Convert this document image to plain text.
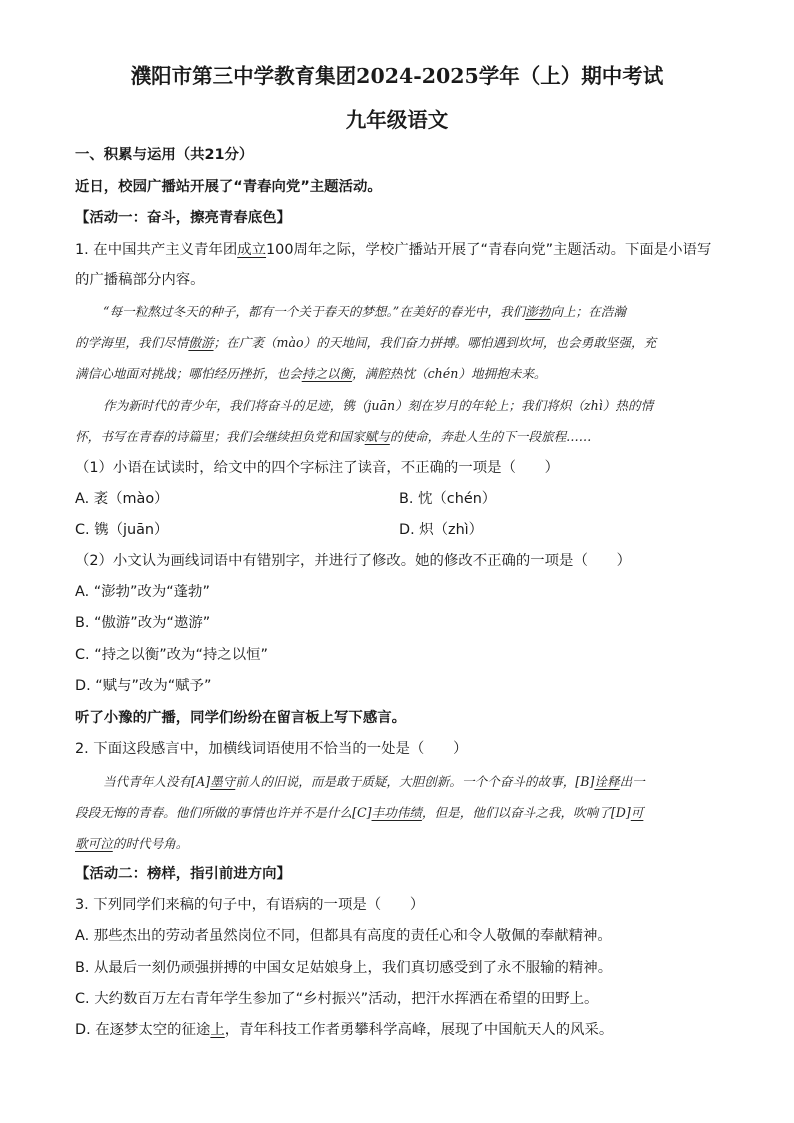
濮阳市第三中学教育集团2024-2025学年（上）期中考试
九年级语文
一、积累与运用（共21分）
近日，校园广播站开展了“青春向党”主题活动。
【活动一：奋斗，擦亮青春底色】
1. 在中国共产主义青年团成立100周年之际，学校广播站开展了“青春向党”主题活动。下面是小语写
的广播稿部分内容。
“每一粒熬过冬天的种子，都有一个关于春天的梦想。”在美好的春光中，我们澎勃向上；在浩瀚
的学海里，我们尽情傲游；在广袤（mào）的天地间，我们奋力拼搏。哪怕遇到坎坷，也会勇敢坚强，充
满信心地面对挑战；哪怕经历挫折，也会持之以衡，满腔热忱（chén）地拥抱未来。
作为新时代的青少年，我们将奋斗的足迹，镌（juān）刻在岁月的年轮上；我们将炽（zhì）热的情
怀，书写在青春的诗篇里；我们会继续担负党和国家赋与的使命，奔赴人生的下一段旅程……
（1）小语在试读时，给文中的四个字标注了读音，不正确的一项是（　　）
A. 袤（mào）	B. 忱（chén）
C. 镌（juān）	D. 炽（zhì）
（2）小文认为画线词语中有错别字，并进行了修改。她的修改不正确的一项是（　　）
A. “澎勃”改为“蓬勃”
B. “傲游”改为“遨游”
C. “持之以衡”改为“持之以恒”
D. “赋与”改为“赋予”
听了小豫的广播，同学们纷纷在留言板上写下感言。
2. 下面这段感言中，加横线词语使用不恰当的一处是（　　）
当代青年人没有[A]墨守前人的旧说，而是敢于质疑，大胆创新。一个个奋斗的故事，[B]诠释出一
段段无悔的青春。他们所做的事情也许并不是什么[C]丰功伟绩，但是，他们以奋斗之我，吹响了[D]可
歌可泣的时代号角。
【活动二：榜样，指引前进方向】
3. 下列同学们来稿的句子中，有语病的一项是（　　）
A. 那些杰出的劳动者虽然岗位不同，但都具有高度的责任心和令人敬佩的奉献精神。
B. 从最后一刻仍顽强拼搏的中国女足姑娘身上，我们真切感受到了永不服输的精神。
C. 大约数百万左右青年学生参加了“乡村振兴”活动，把汗水挥洒在希望的田野上。
D. 在逐梦太空的征途上，青年科技工作者勇攀科学高峰，展现了中国航天人的风采。
